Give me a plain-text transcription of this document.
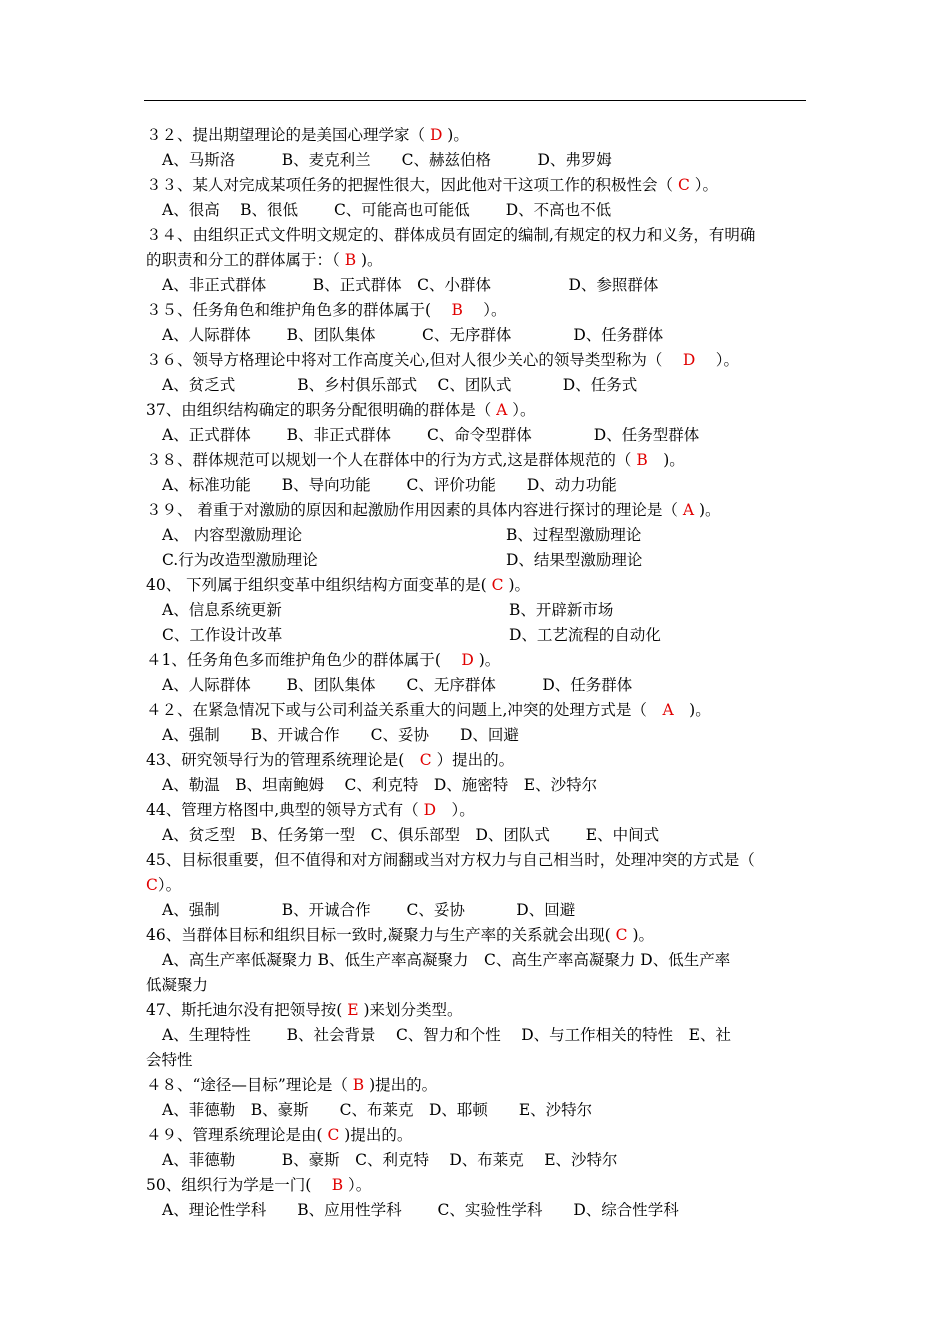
３２、提出期望理论的是美国心理学家（ D )。
A、马斯洛　　　B、麦克利兰　　C、赫兹伯格　　　D、弗罗姆
３３、某人对完成某项任务的把握性很大，因此他对干这项工作的积极性会（ C ）。
A、很高　 B、很低　　 C、可能高也可能低　　 D、不高也不低
３４、由组织正式文件明文规定的、群体成员有固定的编制,有规定的权力和义务，有明确
的职责和分工的群体属于：（ B )。
A、非正式群体　　　B、正式群体　C、小群体　　　　　D、参照群体
３５、任务角色和维护角色多的群体属于(　 B 　）。
A、人际群体　　 B、团队集体　　　C、无序群体　　　　D、任务群体
３６、领导方格理论中将对工作高度关心,但对人很少关心的领导类型称为（　 D 　）。
A、贫乏式　　　　B、乡村俱乐部式　 C、团队式　　　 D、任务式
37、由组织结构确定的职务分配很明确的群体是（ A ）。
A、正式群体　　 B、非正式群体　　 C、命令型群体　　　　D、任务型群体
３８、群体规范可以规划一个人在群体中的行为方式,这是群体规范的（ B　)。
A、标准功能　　B、导向功能　　 C、评价功能　　D、动力功能
３９、 着重于对激励的原因和起激励作用因素的具体内容进行探讨的理论是（ A )。
A、 内容型激励理论	B、过程型激励理论
C.行为改造型激励理论	D、结果型激励理论
40、 下列属于组织变革中组织结构方面变革的是( C )。
A、信息系统更新	B、开辟新市场
C、工作设计改革	D、工艺流程的自动化
４1、任务角色多而维护角色少的群体属于(　 D )。
A、人际群体　　 B、团队集体　　C、无序群体　　　D、任务群体
４２、在紧急情况下或与公司利益关系重大的问题上,冲突的处理方式是（　A　)。
A、强制　　B、开诚合作　　C、妥协　　D、回避
43、研究领导行为的管理系统理论是(　C ）提出的。
A、勒温　B、坦南鲍姆　 C、利克特　D、施密特　E、沙特尔
44、管理方格图中,典型的领导方式有（ D　）。
A、贫乏型　B、任务第一型　C、俱乐部型　D、团队式　　 E、中间式
45、目标很重要，但不值得和对方闹翻或当对方权力与自己相当时，处理冲突的方式是（
C）。
A、强制　　　　B、开诚合作　　 C、妥协　　　 D、回避
46、当群体目标和组织目标一致时,凝聚力与生产率的关系就会出现( C )。
A、高生产率低凝聚力 B、低生产率高凝聚力　C、高生产率高凝聚力 D、低生产率
低凝聚力
47、斯托迪尔没有把领导按( E )来划分类型。
A、生理特性　　 B、社会背景　 C、智力和个性　 D、与工作相关的特性　E、社
会特性
４８、“途径—目标”理论是（ B )提出的。
A、菲德勒　B、豪斯　　C、布莱克　D、耶顿　　E、沙特尔
４９、管理系统理论是由( C )提出的。
A、菲德勒　　　B、豪斯　C、利克特　 D、布莱克　 E、沙特尔
50、组织行为学是一门(　 B ）。
A、理论性学科　　B、应用性学科　　 C、实验性学科　　D、综合性学科
